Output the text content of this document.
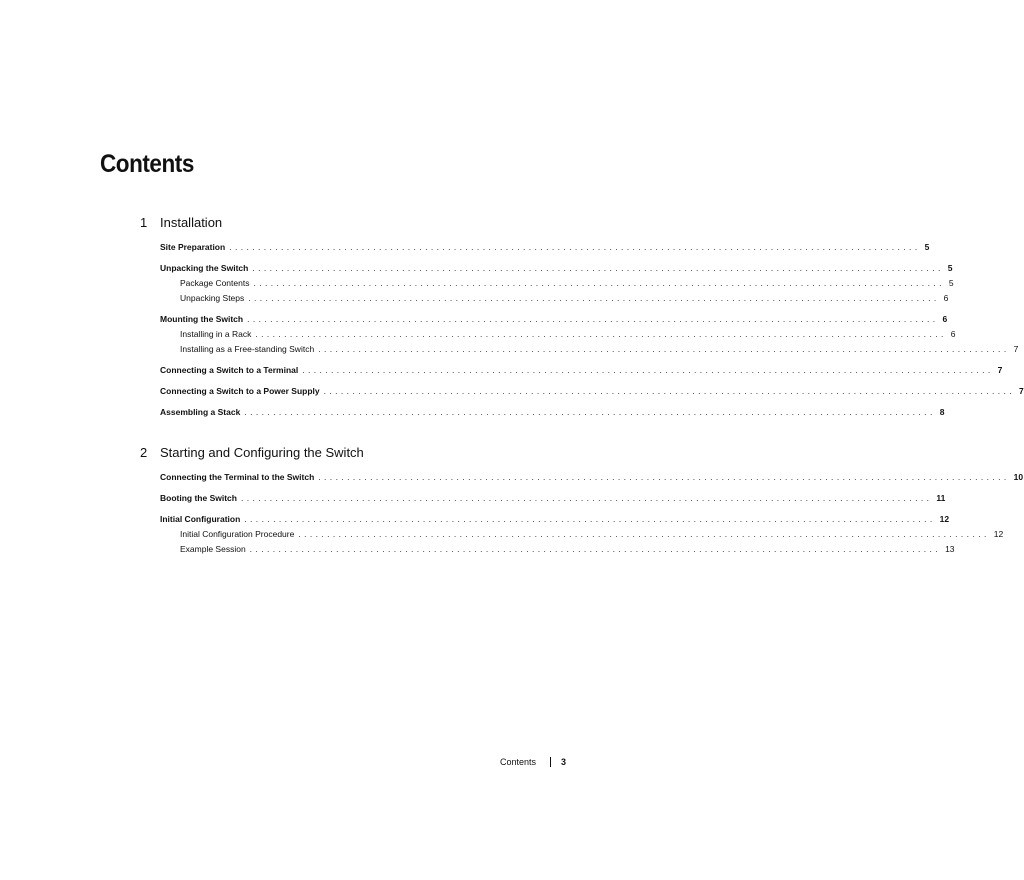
Contents
1 Installation
Site Preparation ........................................................................................................................ 5
Unpacking the Switch ........................................................................................................................ 5
Package Contents ........................................................................................................................ 5
Unpacking Steps ........................................................................................................................ 6
Mounting the Switch ........................................................................................................................ 6
Installing in a Rack ........................................................................................................................ 6
Installing as a Free-standing Switch ........................................................................................................................ 7
Connecting a Switch to a Terminal ........................................................................................................................ 7
Connecting a Switch to a Power Supply ........................................................................................................................ 7
Assembling a Stack ........................................................................................................................ 8
2 Starting and Configuring the Switch
Connecting the Terminal to the Switch ........................................................................................................................ 10
Booting the Switch ........................................................................................................................ 11
Initial Configuration ........................................................................................................................ 12
Initial Configuration Procedure ........................................................................................................................ 12
Example Session ........................................................................................................................ 13
Contents	3
